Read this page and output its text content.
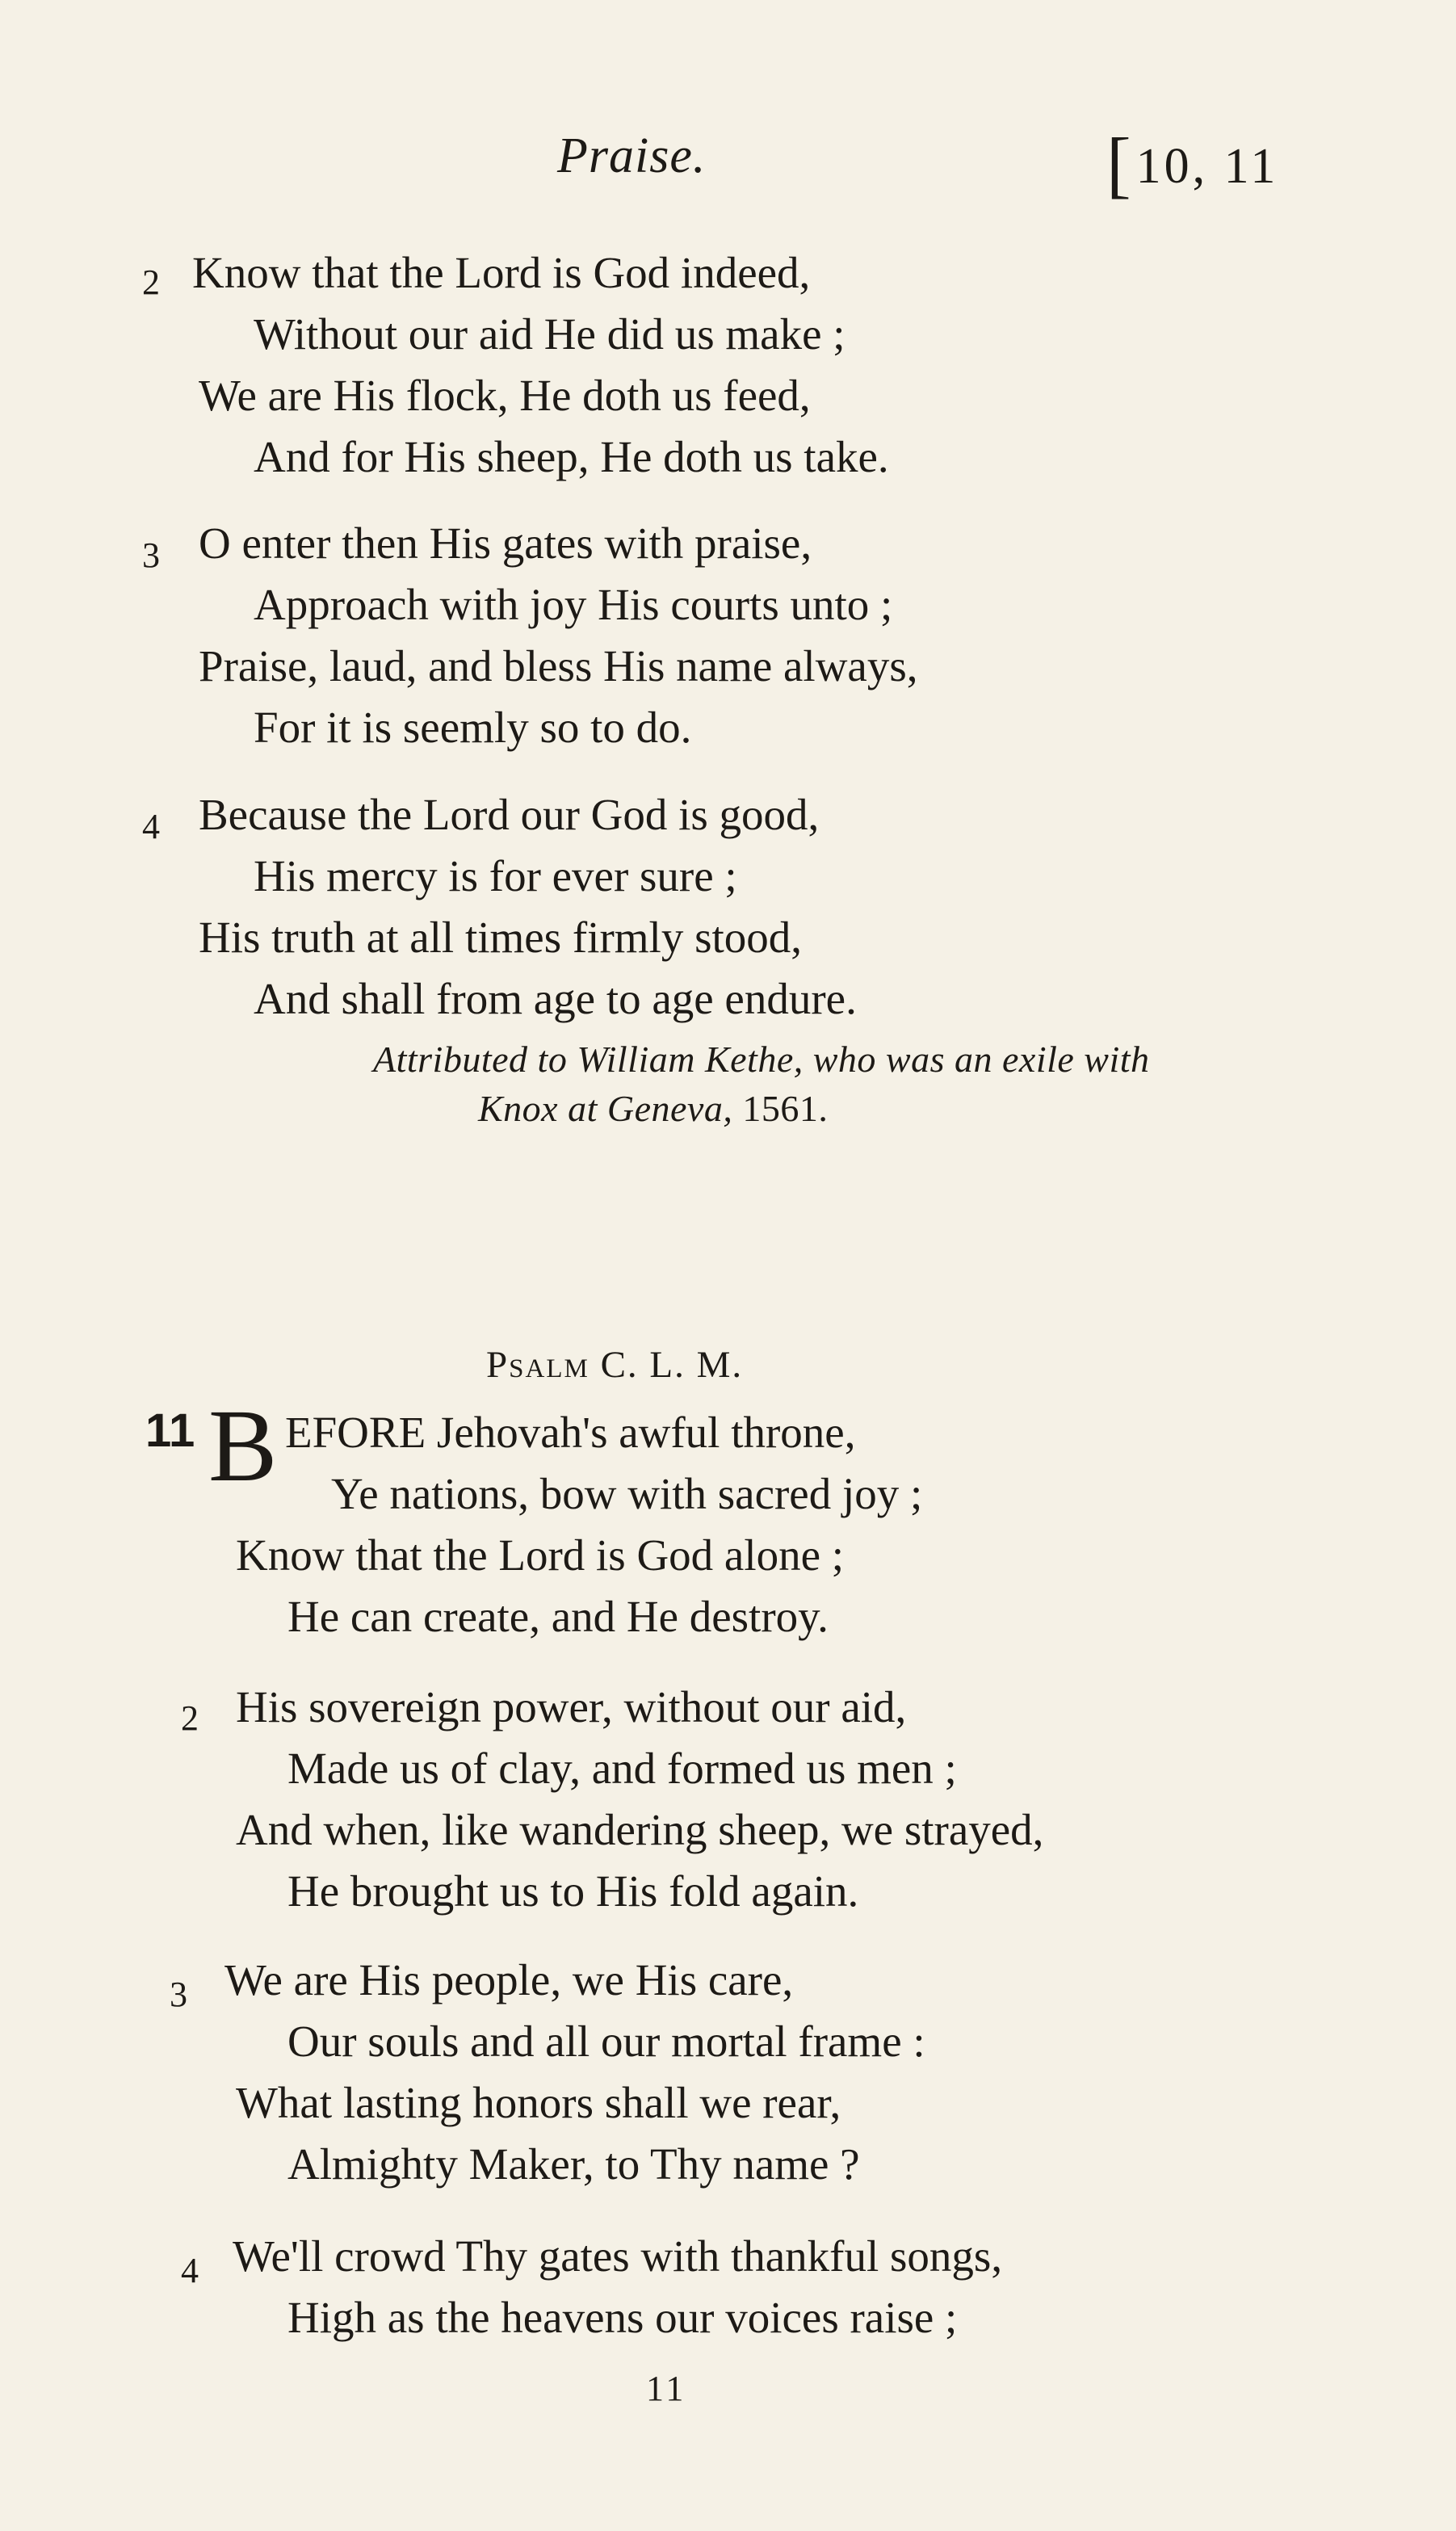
Praise.	[10, 11
2 Know that the Lord is God indeed,
Without our aid He did us make ;
We are His flock, He doth us feed,
And for His sheep, He doth us take.
3 O enter then His gates with praise,
Approach with joy His courts unto ;
Praise, laud, and bless His name always,
For it is seemly so to do.
4 Because the Lord our God is good,
His mercy is for ever sure ;
His truth at all times firmly stood,
And shall from age to age endure.
Attributed to William Kethe, who was an exile with
Knox at Geneva, 1561.
Psalm C. L. M.
11 B EFORE Jehovah's awful throne,
Ye nations, bow with sacred joy ;
Know that the Lord is God alone ;
He can create, and He destroy.
2 His sovereign power, without our aid,
Made us of clay, and formed us men ;
And when, like wandering sheep, we strayed,
He brought us to His fold again.
3 We are His people, we His care,
Our souls and all our mortal frame :
What lasting honors shall we rear,
Almighty Maker, to Thy name ?
4 We'll crowd Thy gates with thankful songs,
High as the heavens our voices raise ;
11
